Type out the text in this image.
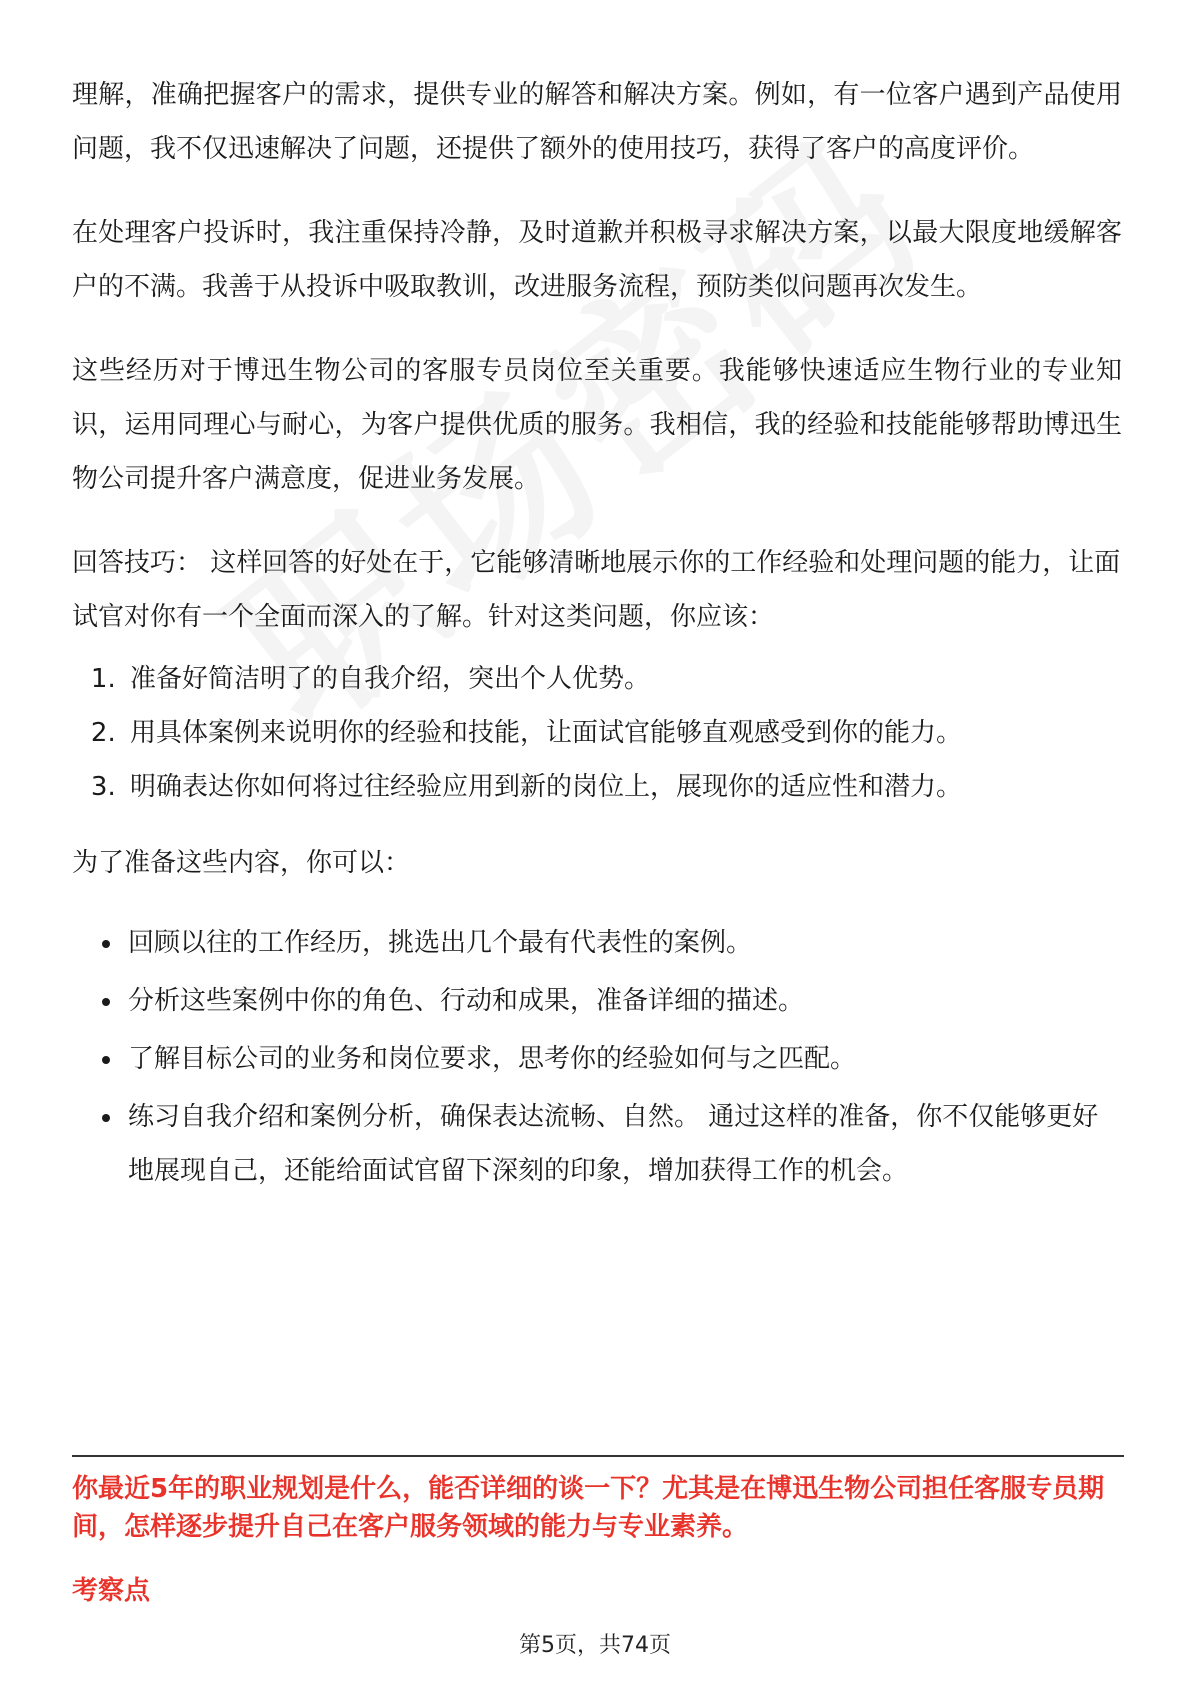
理解，准确把握客户的需求，提供专业的解答和解决方案。例如，有一位客户遇到产品使用问题，我不仅迅速解决了问题，还提供了额外的使用技巧，获得了客户的高度评价。

在处理客户投诉时，我注重保持冷静，及时道歉并积极寻求解决方案，以最大限度地缓解客户的不满。我善于从投诉中吸取教训，改进服务流程，预防类似问题再次发生。

这些经历对于博迅生物公司的客服专员岗位至关重要。我能够快速适应生物行业的专业知识，运用同理心与耐心，为客户提供优质的服务。我相信，我的经验和技能能够帮助博迅生物公司提升客户满意度，促进业务发展。

回答技巧： 这样回答的好处在于，它能够清晰地展示你的工作经验和处理问题的能力，让面试官对你有一个全面而深入的了解。针对这类问题，你应该：

1. 准备好简洁明了的自我介绍，突出个人优势。
2. 用具体案例来说明你的经验和技能，让面试官能够直观感受到你的能力。
3. 明确表达你如何将过往经验应用到新的岗位上，展现你的适应性和潜力。

为了准备这些内容，你可以：

• 回顾以往的工作经历，挑选出几个最有代表性的案例。
• 分析这些案例中你的角色、行动和成果，准备详细的描述。
• 了解目标公司的业务和岗位要求，思考你的经验如何与之匹配。
• 练习自我介绍和案例分析，确保表达流畅、自然。 通过这样的准备，你不仅能够更好地展现自己，还能给面试官留下深刻的印象，增加获得工作的机会。
你最近5年的职业规划是什么，能否详细的谈一下？尤其是在博迅生物公司担任客服专员期间，怎样逐步提升自己在客户服务领域的能力与专业素养。
考察点
第5页，共74页
